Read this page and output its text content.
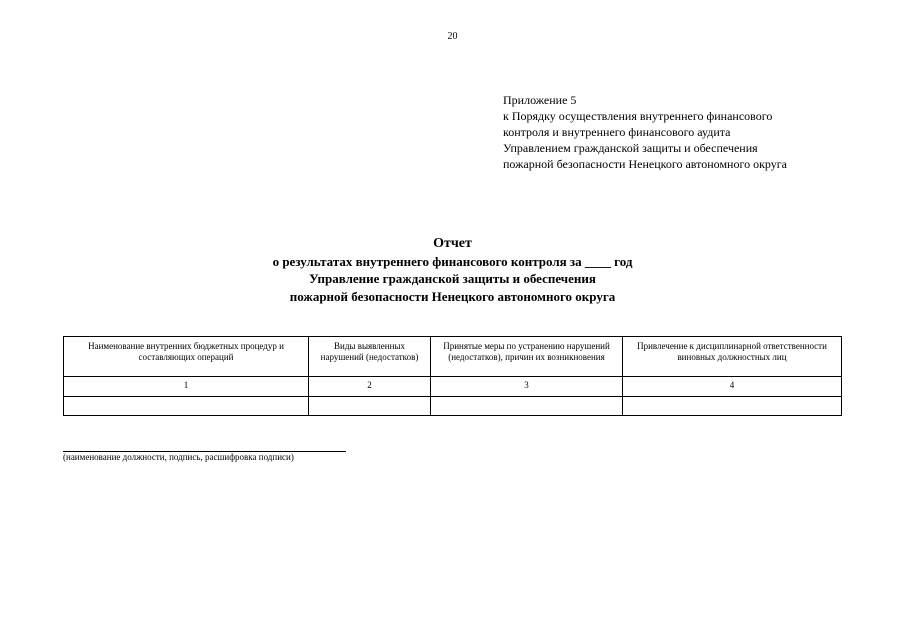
20
Приложение 5
к Порядку осуществления внутреннего финансового
контроля и внутреннего финансового аудита
Управлением гражданской защиты и обеспечения
пожарной безопасности Ненецкого автономного округа
Отчет
о результатах внутреннего финансового контроля за ____ год
Управление гражданской защиты и обеспечения
пожарной безопасности Ненецкого автономного округа
Наименование внутренних бюджетных процедур и составляющих операций	Виды выявленных нарушений (недостатков)	Принятые меры по устранению нарушений (недостатков), причин их возникновения	Привлечение к дисциплинарной ответственности виновных должностных лиц
1	2	3	4

(наименование должности, подпись, расшифровка подписи)
